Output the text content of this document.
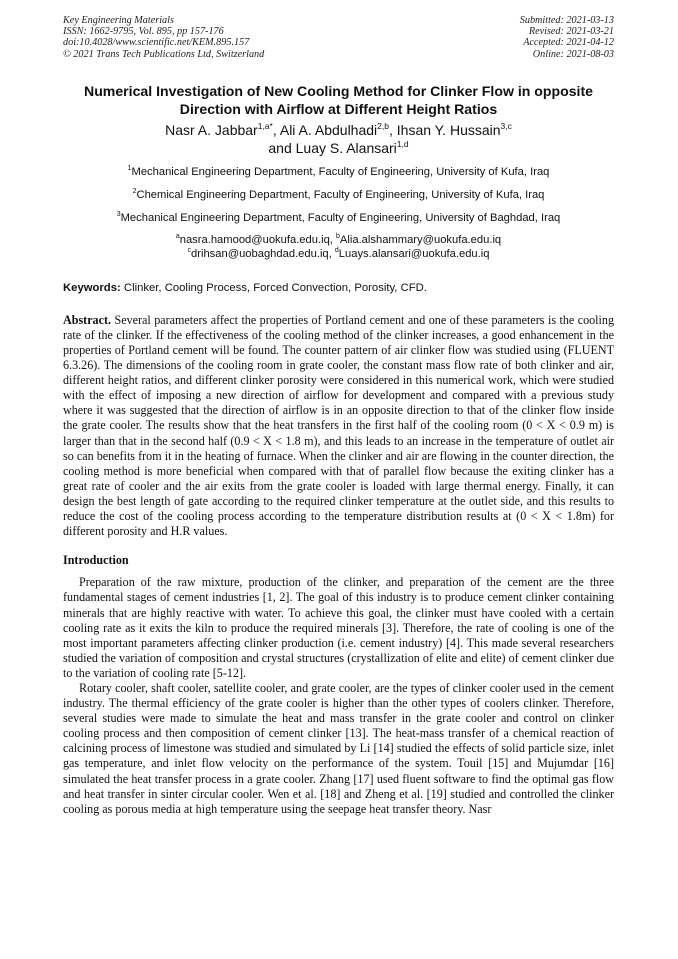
Key Engineering Materials
ISSN: 1662-9795, Vol. 895, pp 157-176
doi:10.4028/www.scientific.net/KEM.895.157
© 2021 Trans Tech Publications Ltd, Switzerland
Submitted: 2021-03-13
Revised: 2021-03-21
Accepted: 2021-04-12
Online: 2021-08-03
Numerical Investigation of New Cooling Method for Clinker Flow in opposite Direction with Airflow at Different Height Ratios
Nasr A. Jabbar$^{1,a*}$, Ali A. Abdulhadi$^{2,b}$, Ihsan Y. Hussain$^{3,c}$
and Luay S. Alansari$^{1,d}$
$^1$Mechanical Engineering Department, Faculty of Engineering, University of Kufa, Iraq
$^2$Chemical Engineering Department, Faculty of Engineering, University of Kufa, Iraq
$^3$Mechanical Engineering Department, Faculty of Engineering, University of Baghdad, Iraq
$^a$nasra.hamood@uokufa.edu.iq, $^b$Alia.alshammary@uokufa.edu.iq
$^c$drihsan@uobaghdad.edu.iq, $^d$Luays.alansari@uokufa.edu.iq
Keywords: Clinker, Cooling Process, Forced Convection, Porosity, CFD.
Abstract. Several parameters affect the properties of Portland cement and one of these parameters is the cooling rate of the clinker. If the effectiveness of the cooling method of the clinker increases, a good enhancement in the properties of Portland cement will be found. The counter pattern of air clinker flow was studied using (FLUENT 6.3.26). The dimensions of the cooling room in grate cooler, the constant mass flow rate of both clinker and air, different height ratios, and different clinker porosity were considered in this numerical work, which were studied with the effect of imposing a new direction of airflow for development and compared with a previous study where it was suggested that the direction of airflow is in an opposite direction to that of the clinker flow inside the grate cooler. The results show that the heat transfers in the first half of the cooling room (0 < X < 0.9 m) is larger than that in the second half (0.9 < X < 1.8 m), and this leads to an increase in the temperature of outlet air so can benefits from it in the heating of furnace. When the clinker and air are flowing in the counter direction, the cooling method is more beneficial when compared with that of parallel flow because the exiting clinker has a great rate of cooler and the air exits from the grate cooler is loaded with large thermal energy. Finally, it can design the best length of gate according to the required clinker temperature at the outlet side, and this results to reduce the cost of the cooling process according to the temperature distribution results at (0 < X < 1.8m) for different porosity and H.R values.
Introduction
Preparation of the raw mixture, production of the clinker, and preparation of the cement are the three fundamental stages of cement industries [1, 2]. The goal of this industry is to produce cement clinker containing minerals that are highly reactive with water. To achieve this goal, the clinker must have cooled with a certain cooling rate as it exits the kiln to produce the required minerals [3]. Therefore, the rate of cooling is one of the most important parameters affecting clinker production (i.e. cement industry) [4]. This made several researchers studied the variation of composition and crystal structures (crystallization of elite and elite) of cement clinker due to the variation of cooling rate [5-12].
Rotary cooler, shaft cooler, satellite cooler, and grate cooler, are the types of clinker cooler used in the cement industry. The thermal efficiency of the grate cooler is higher than the other types of coolers clinker. Therefore, several studies were made to simulate the heat and mass transfer in the grate cooler and control on clinker cooling process and then composition of cement clinker [13]. The heat-mass transfer of a chemical reaction of calcining process of limestone was studied and simulated by Li [14] studied the effects of solid particle size, inlet gas temperature, and inlet flow velocity on the performance of the system. Touil [15] and Mujumdar [16] simulated the heat transfer process in a grate cooler. Zhang [17] used fluent software to find the optimal gas flow and heat transfer in sinter circular cooler. Wen et al. [18] and Zheng et al. [19] studied and controlled the clinker cooling as porous media at high temperature using the seepage heat transfer theory. Nasr
